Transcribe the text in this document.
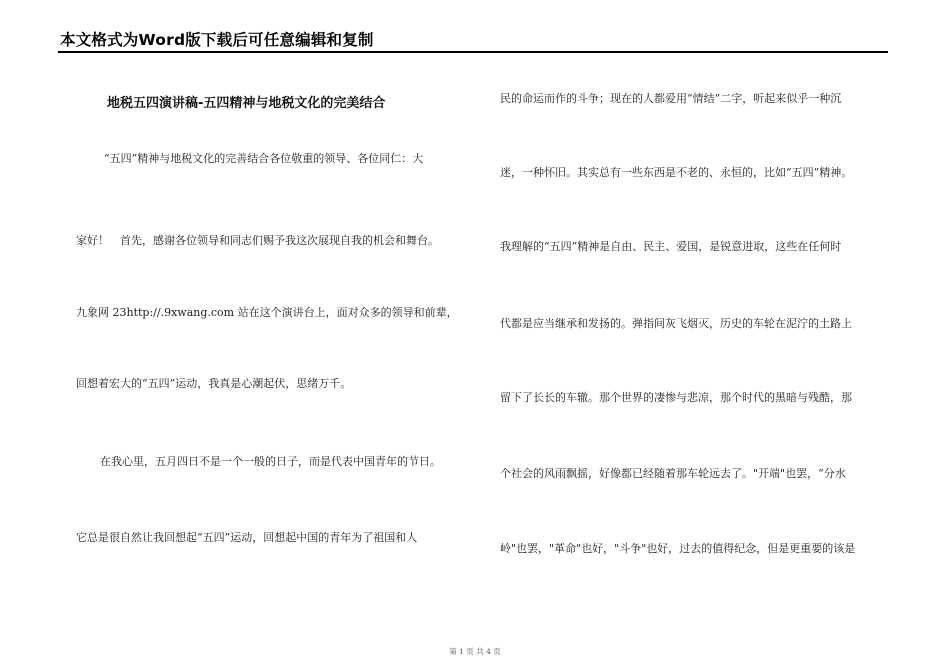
本文格式为Word版下载后可任意编辑和复制
地税五四演讲稿-五四精神与地税文化的完美结合
“五四”精神与地税文化的完善结合各位敬重的领导、各位同仁：大
家好！　首先，感谢各位领导和同志们赐予我这次展现自我的机会和舞台。
九象网 23http://.9xwang.com 站在这个演讲台上，面对众多的领导和前辈，
回想着宏大的“五四”运动，我真是心潮起伏，思绪万千。
在我心里，五月四日不是一个一般的日子，而是代表中国青年的节日。
它总是很自然让我回想起“五四”运动，回想起中国的青年为了祖国和人
民的命运而作的斗争；现在的人都爱用“情结”二字，听起来似乎一种沉
迷，一种怀旧。其实总有一些东西是不老的、永恒的，比如“五四”精神。
我理解的“五四”精神是自由、民主、爱国，是锐意进取，这些在任何时
代都是应当继承和发扬的。弹指间灰飞烟灭，历史的车轮在泥泞的土路上
留下了长长的车辙。那个世界的凄惨与悲凉，那个时代的黑暗与残酷，那
个社会的风雨飘摇，好像都已经随着那车轮远去了。"开端"也罢，“分水
岭"也罢，"革命"也好，"斗争"也好，过去的值得纪念，但是更重要的该是
第 1 页 共 4 页
